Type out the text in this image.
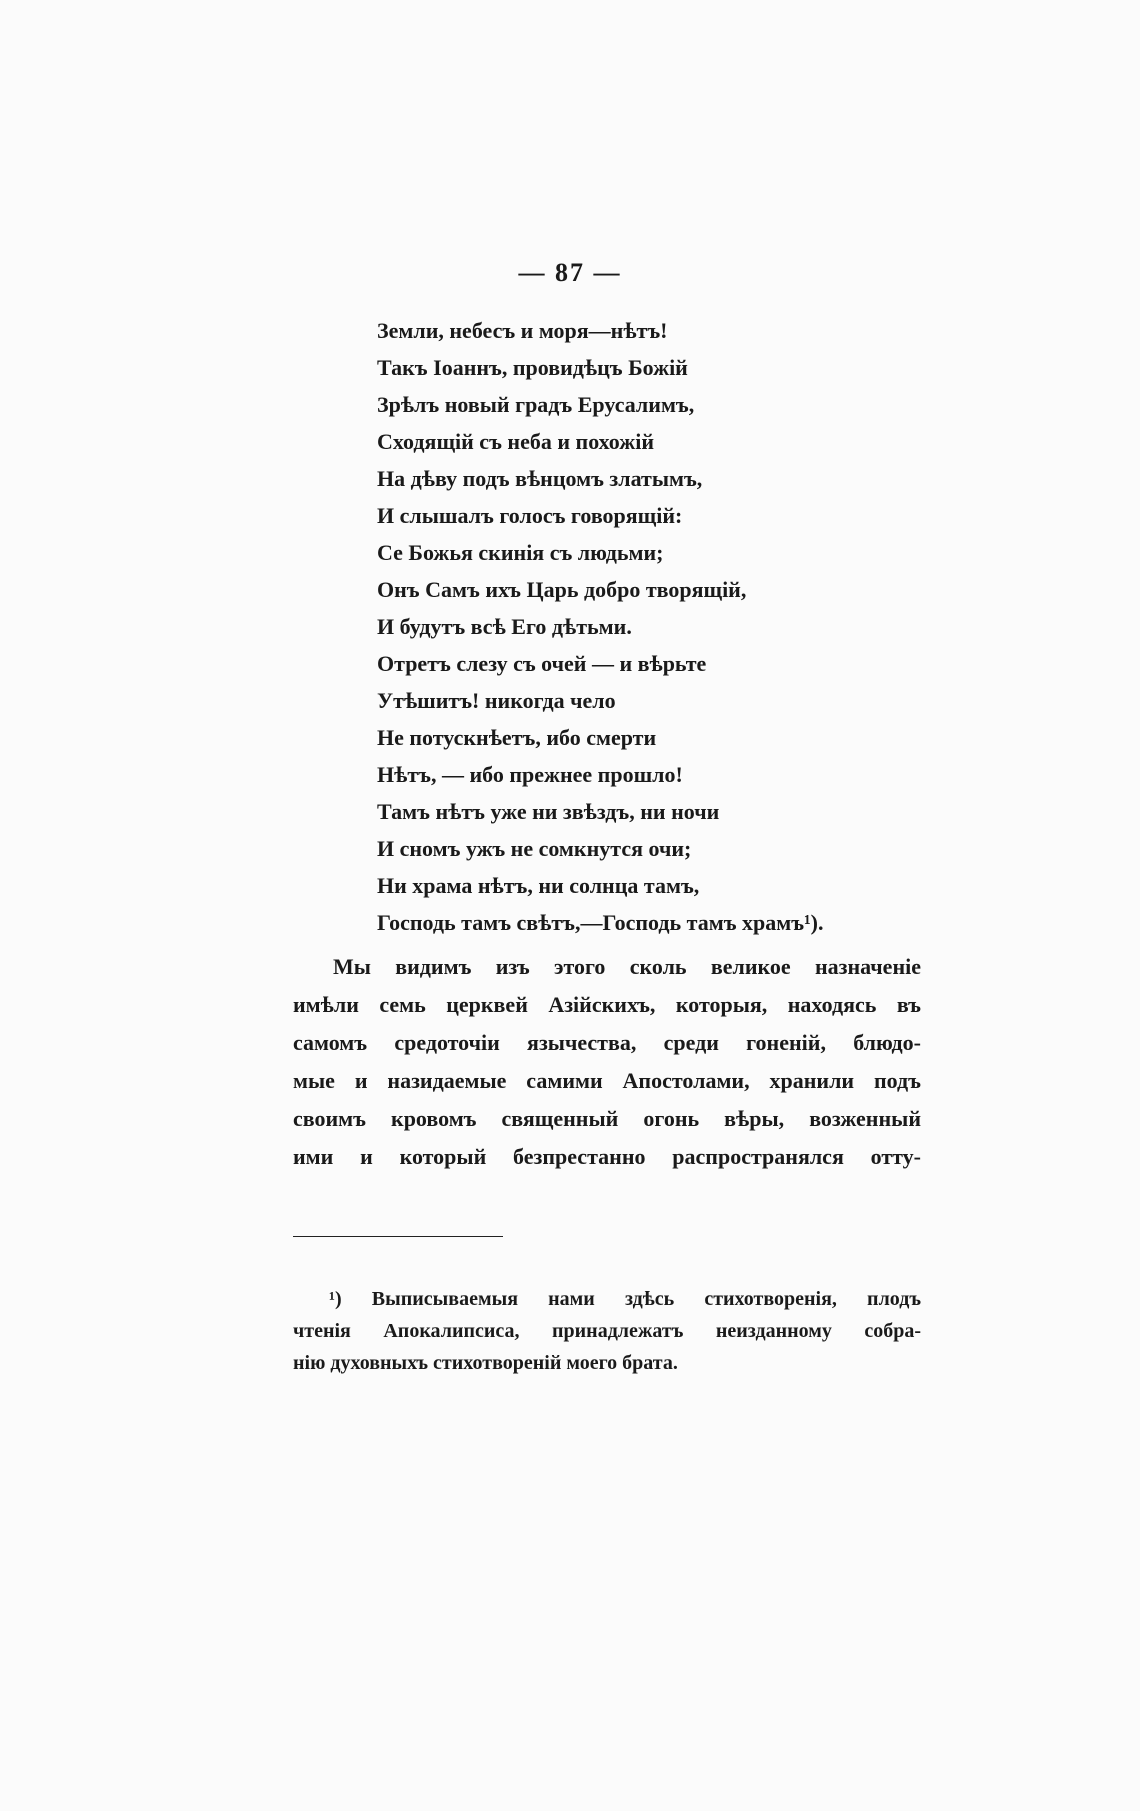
— 87 —
Земли, небесъ и моря—нѣтъ!
Такъ Іоаннъ, провидѣцъ Божій
Зрѣлъ новый градъ Ерусалимъ,
Сходящій съ неба и похожій
На дѣву подъ вѣнцомъ златымъ,
И слышалъ голосъ говорящій:
Се Божья скинія съ людьми;
Онъ Самъ ихъ Царь добро творящій,
И будутъ всѣ Его дѣтьми.
Отретъ слезу съ очей — и вѣрьте
Утѣшитъ! никогда чело
Не потускнѣетъ, ибо смерти
Нѣтъ, — ибо прежнее прошло!
Тамъ нѣтъ уже ни звѣздъ, ни ночи
И сномъ ужъ не сомкнутся очи;
Ни храма нѣтъ, ни солнца тамъ,
Господь тамъ свѣтъ,—Господь тамъ храмъ¹).
Мы видимъ изъ этого сколь великое назначеніе
имѣли семь церквей Азійскихъ, которыя, находясь въ
самомъ средоточіи язычества, среди гоненій, блюдо-
мые и назидаемые самими Апостолами, хранили подъ
своимъ кровомъ священный огонь вѣры, возженный
ими и который безпрестанно распространялся отту-
¹) Выписываемыя нами здѣсь стихотворенія, плодъ
чтенія Апокалипсиса, принадлежатъ неизданному собра-
нію духовныхъ стихотвореній моего брата.
